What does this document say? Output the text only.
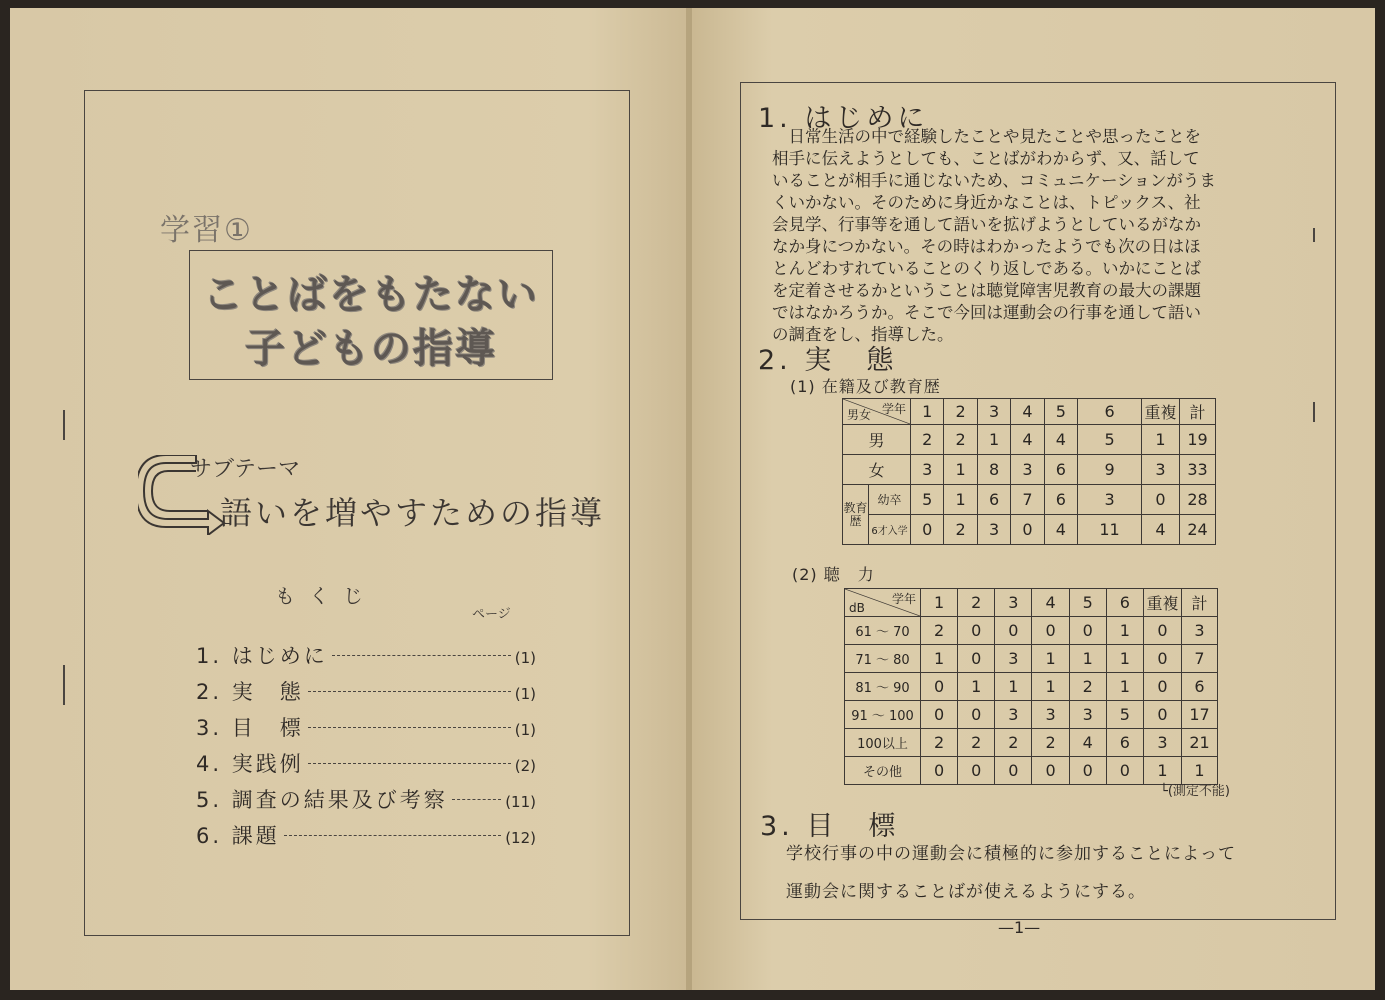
学習①
ことばをもたない
子どもの指導
サブテーマ
語いを増やすための指導
もくじ
ページ
1. はじめに	(1)
2. 実　態	(1)
3. 目　標	(1)
4. 実践例	(2)
5. 調査の結果及び考察	(11)
6. 課題	(12)
1. はじめに

　日常生活の中で経験したことや見たことや思ったことを

相手に伝えようとしても、ことばがわからず、又、話して

いることが相手に通じないため、コミュニケーションがうま

くいかない。そのために身近かなことは、トピックス、社

会見学、行事等を通して語いを拡げようとしているがなか

なか身につかない。その時はわかったようでも次の日はほ

とんどわすれていることのくり返しである。いかにことば

を定着させるかということは聴覚障害児教育の最大の課題

ではなかろうか。そこで今回は運動会の行事を通して語い

の調査をし、指導した。

2. 実　態
(1) 在籍及び教育歴
学年
男女		1	2	3	4	5	6	重複	計
男		2	2	1	4	4	5	1	19
女		3	1	8	3	6	9	3	33
教育歴	幼卒	5	1	6	7	6	3	0	28
	6才入学	0	2	3	0	4	11	4	24
(2) 聴　力
学年
dB	1	2	3	4	5	6	重複	計
61 ～ 70	2	0	0	0	0	1	0	3
71 ～ 80	1	0	3	1	1	1	0	7
81 ～ 90	0	1	1	1	2	1	0	6
91 ～ 100	0	0	3	3	3	5	0	17
100以上	2	2	2	2	4	6	3	21
その他	0	0	0	0	0	0	1	1
└(測定不能)
3. 目　標

学校行事の中の運動会に積極的に参加することによって

運動会に関することばが使えるようにする。

—1—
